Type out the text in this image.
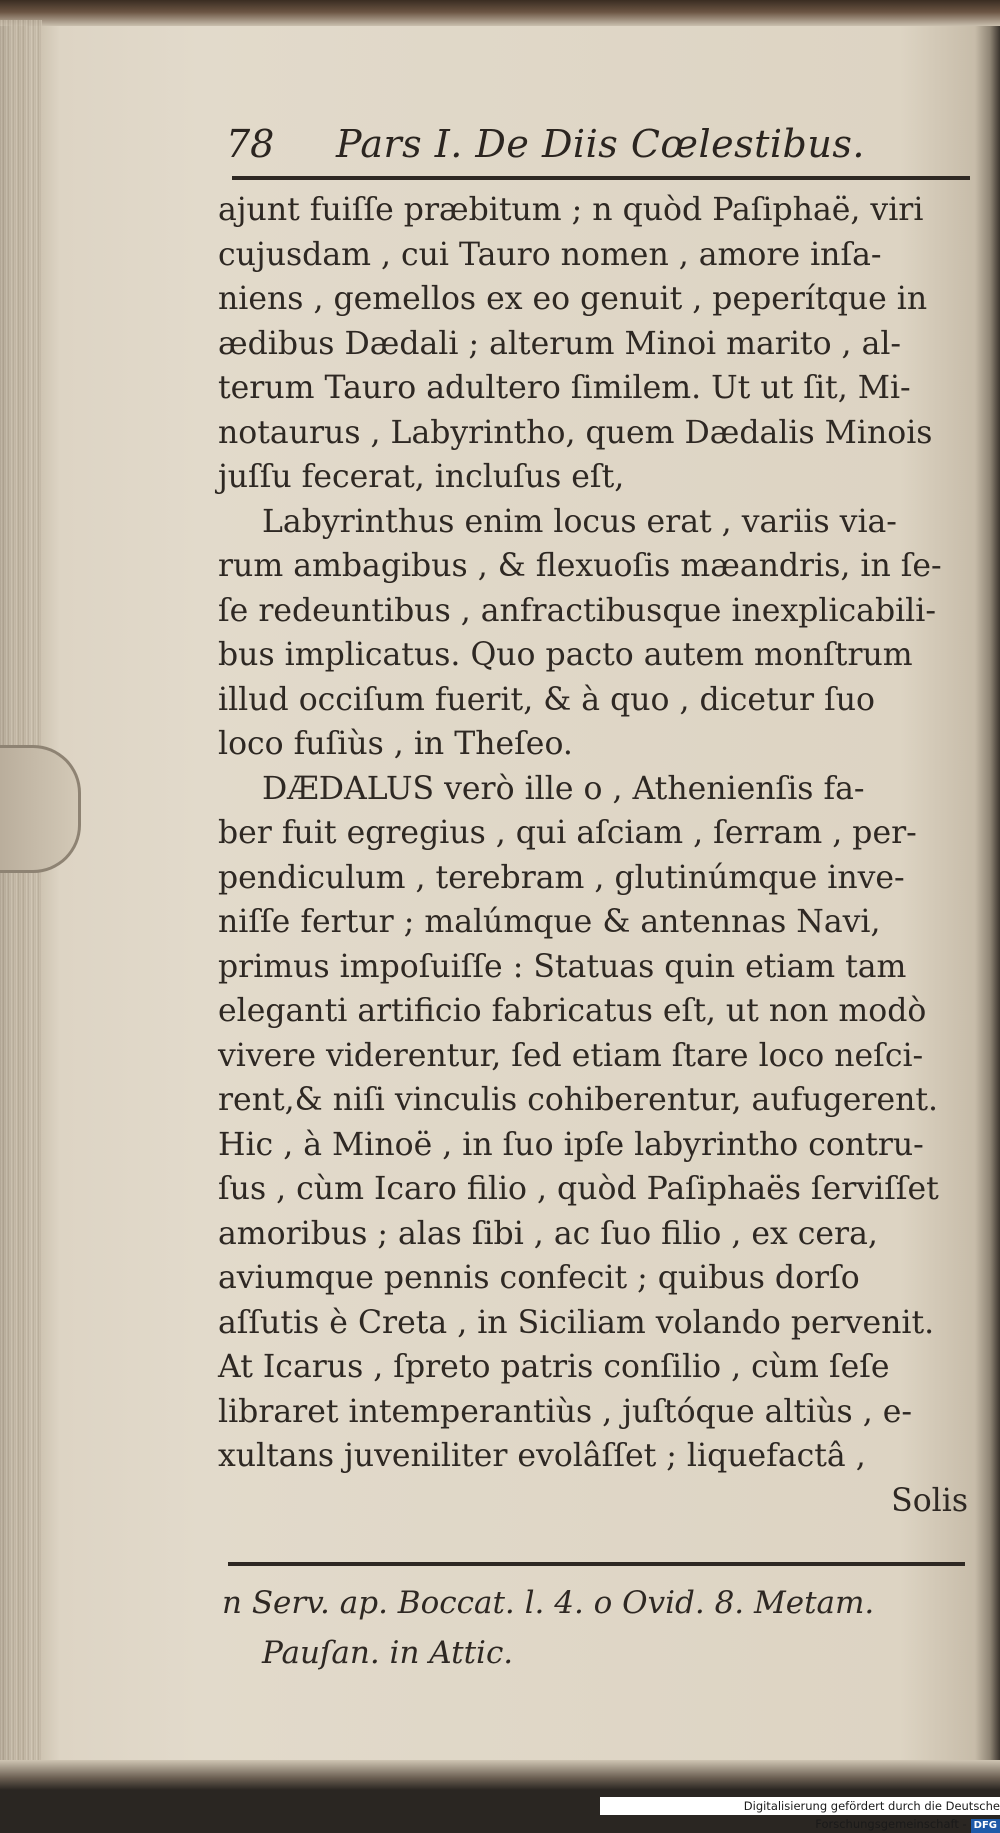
78 Pars I. De Diis Cœlestibus.
ajunt fuiſſe præbitum ; n quòd Paſiphaë, viri
cujusdam , cui Tauro nomen , amore inſa-
niens , gemellos ex eo genuit , peperítque in
ædibus Dædali ; alterum Minoi marito , al-
terum Tauro adultero ſimilem. Ut ut ſit, Mi-
notaurus , Labyrintho, quem Dædalis Minois
juſſu fecerat, incluſus eſt,
Labyrinthus enim locus erat , variis via-
rum ambagibus , & flexuoſis mæandris, in ſe-
ſe redeuntibus , anfractibusque inexplicabili-
bus implicatus. Quo pacto autem monſtrum
illud occiſum fuerit, & à quo , dicetur ſuo
loco fuſiùs , in Theſeo.
DÆDALUS verò ille o , Athenienſis fa-
ber fuit egregius , qui aſciam , ſerram , per-
pendiculum , terebram , glutinúmque inve-
niſſe fertur ; malúmque & antennas Navi,
primus impoſuiſſe : Statuas quin etiam tam
eleganti artificio fabricatus eſt, ut non modò
vivere viderentur, ſed etiam ſtare loco neſci-
rent,& niſi vinculis cohiberentur, aufugerent.
Hic , à Minoë , in ſuo ipſe labyrintho contru-
ſus , cùm Icaro filio , quòd Paſiphaës ſerviſſet
amoribus ; alas ſibi , ac ſuo filio , ex cera,
aviumque pennis confecit ; quibus dorſo
aſſutis è Creta , in Siciliam volando pervenit.
At Icarus , ſpreto patris conſilio , cùm ſeſe
libraret intemperantiùs , juſtóque altiùs , e-
xultans juveniliter evolâſſet ; liquefactâ ,
Solis
n Serv. ap. Boccat. l. 4. o Ovid. 8. Metam.
Pauſan. in Attic.
Digitalisierung gefördert durch die Deutsche Forschungsgemeinschaft - DFG
